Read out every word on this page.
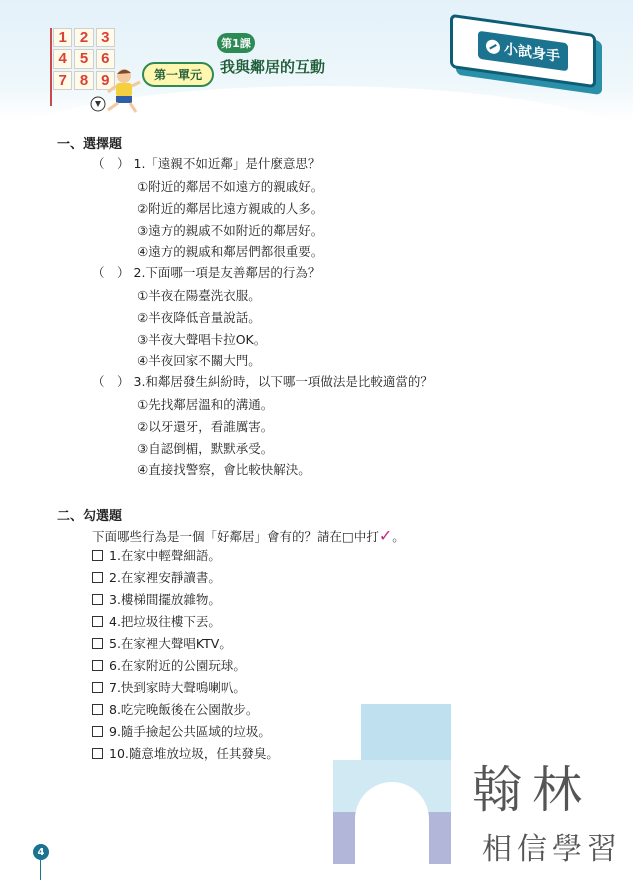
1 2 3
4 5 6
7 8 9	第一單元
第1課
我與鄰居的互動
小試身手
一、選擇題
（　） 1.「遠親不如近鄰」是什麼意思？
①附近的鄰居不如遠方的親戚好。
②附近的鄰居比遠方親戚的人多。
③遠方的親戚不如附近的鄰居好。
④遠方的親戚和鄰居們都很重要。
（　） 2.下面哪一項是友善鄰居的行為？
①半夜在陽臺洗衣服。
②半夜降低音量說話。
③半夜大聲唱卡拉OK。
④半夜回家不關大門。
（　） 3.和鄰居發生糾紛時，以下哪一項做法是比較適當的？
①先找鄰居溫和的溝通。
②以牙還牙，看誰厲害。
③自認倒楣，默默承受。
④直接找警察，會比較快解決。
二、勾選題
下面哪些行為是一個「好鄰居」會有的？請在□中打✓。
1.在家中輕聲細語。
2.在家裡安靜讀書。
3.樓梯間擺放雜物。
4.把垃圾往樓下丟。
5.在家裡大聲唱KTV。
6.在家附近的公園玩球。
7.快到家時大聲鳴喇叭。
8.吃完晚飯後在公園散步。
9.隨手撿起公共區域的垃圾。
10.隨意堆放垃圾，任其發臭。
翰林
相信學習
4
